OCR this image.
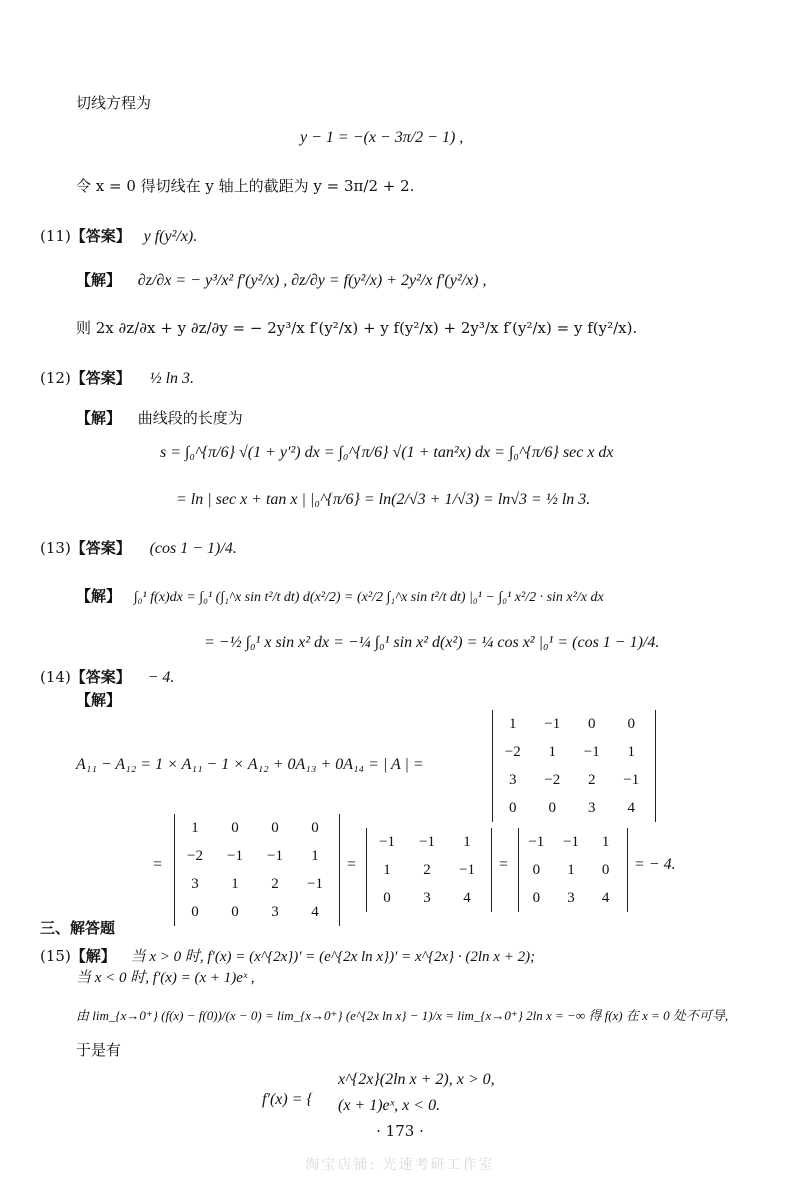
切线方程为
y − 1 = −(x − 3π/2 − 1) ,
令 x = 0 得切线在 y 轴上的截距为 y = 3π/2 + 2.
(11)【答案】 y f(y²/x).
【解】 ∂z/∂x = − y³/x² f′(y²/x) , ∂z/∂y = f(y²/x) + 2y²/x f′(y²/x) ,
则 2x ∂z/∂x + y ∂z/∂y = − 2y³/x f′(y²/x) + y f(y²/x) + 2y³/x f′(y²/x) = y f(y²/x).
(12)【答案】 ½ ln 3.
【解】 曲线段的长度为
s = ∫₀^{π/6} √(1 + y′²) dx = ∫₀^{π/6} √(1 + tan²x) dx = ∫₀^{π/6} sec x dx
= ln | sec x + tan x | |₀^{π/6} = ln(2/√3 + 1/√3) = ln√3 = ½ ln 3.
(13)【答案】 (cos 1 − 1)/4.
【解】 ∫₀¹ f(x)dx = ∫₀¹ (∫₁^x sin t²/t dt) d(x²/2) = (x²/2 ∫₁^x sin t²/t dt) |₀¹ − ∫₀¹ x²/2 · sin x²/x dx
= −½ ∫₀¹ x sin x² dx = −¼ ∫₀¹ sin x² d(x²) = ¼ cos x² |₀¹ = (cos 1 − 1)/4.
(14)【答案】 − 4.
【解】
A₁₁ − A₁₂ = 1 × A₁₁ − 1 × A₁₂ + 0A₁₃ + 0A₁₄ = | A | =
1	−1	0	0
−2	1	−1	1
3	−2	2	−1
0	0	3	4
=
1	0	0	0
−2	−1	−1	1
3	1	2	−1
0	0	3	4
=
−1	−1	1
1	2	−1
0	3	4
=
−1	−1	1
0	1	0
0	3	4
= − 4.
三、解答题
(15)【解】 当 x > 0 时, f′(x) = (x^{2x})′ = (e^{2x ln x})′ = x^{2x} · (2ln x + 2);
当 x < 0 时, f′(x) = (x + 1)eˣ ,
由 lim_{x→0⁺} (f(x) − f(0))/(x − 0) = lim_{x→0⁺} (e^{2x ln x} − 1)/x = lim_{x→0⁺} 2ln x = −∞ 得 f(x) 在 x = 0 处不可导,
于是有
f′(x) = {
x^{2x}(2ln x + 2), x > 0,
(x + 1)eˣ, x < 0.
· 173 ·
淘宝店铺: 光速考研工作室
